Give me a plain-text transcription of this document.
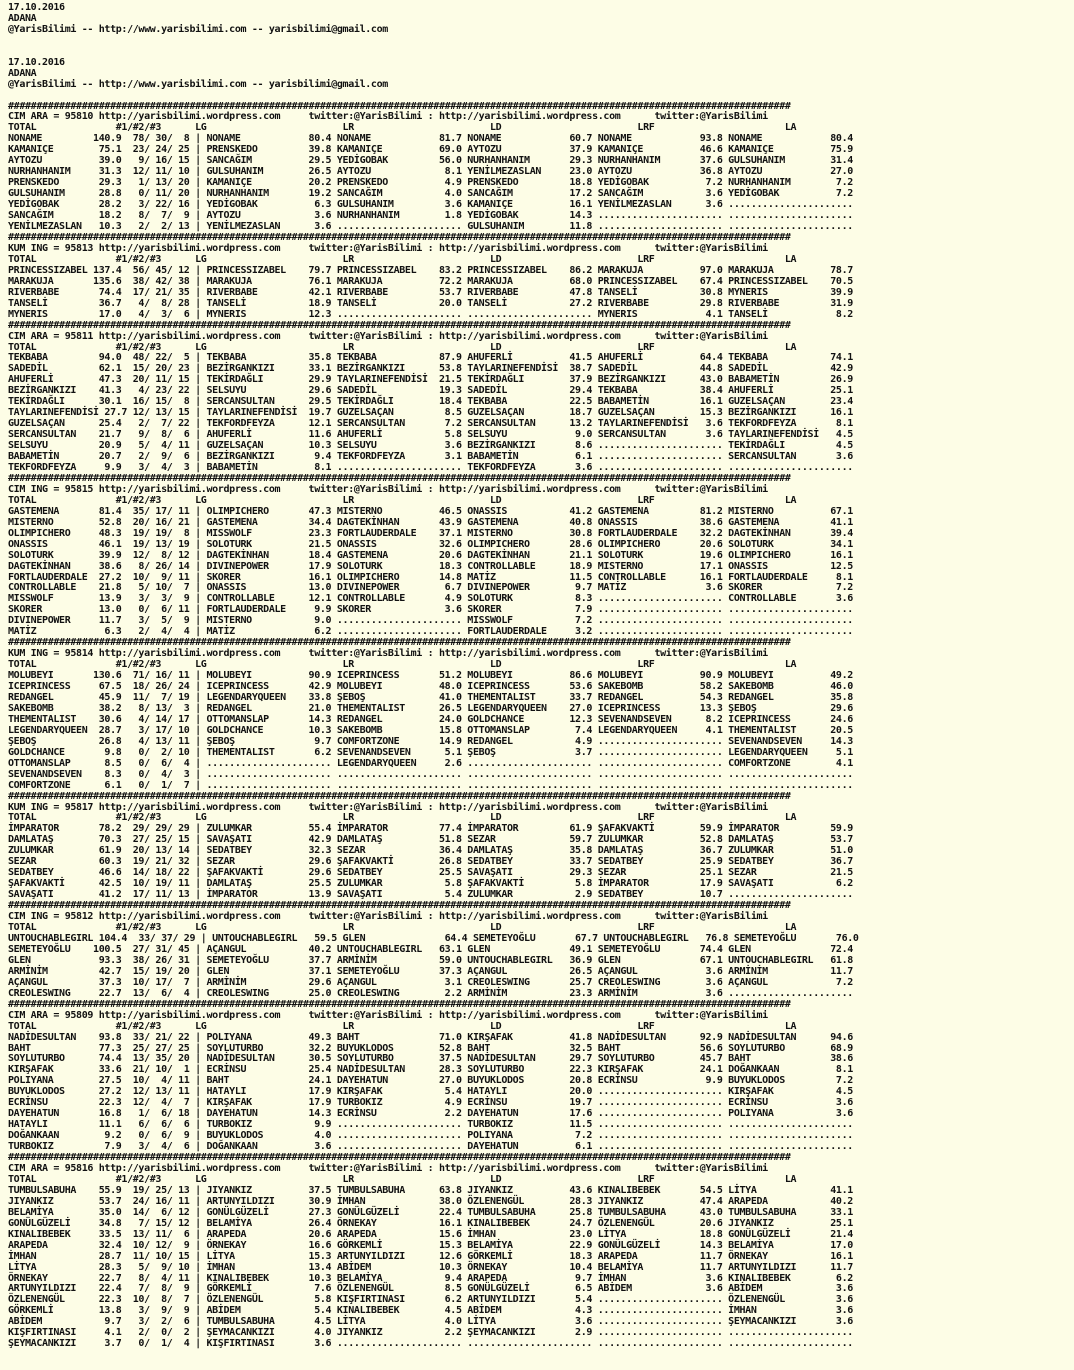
17.10.2016
ADANA
@YarisBilimi -- http://www.yarisbilimi.com -- yarisbilimi@gmail.com
17.10.2016
ADANA
@YarisBilimi -- http://www.yarisbilimi.com -- yarisbilimi@gmail.com
##########################################################################################################################################
CIM ARA = 95810 http://yarisbilimi.wordpress.com     twitter:@YarisBilimi : http://yarisbilimi.wordpress.com      twitter:@YarisBilimi
TOTAL              #1/#2/#3      LG                        LR                        LD                        LRF                       LA
NONAME         140.9  78/ 30/  8 | NONAME            80.4 NONAME            81.7 NONAME            60.7 NONAME            93.8 NONAME            80.4
KAMANIÇE        75.1  23/ 24/ 25 | PRENSKEDO         39.8 KAMANIÇE          69.0 AYTOZU            37.9 KAMANIÇE          46.6 KAMANIÇE          75.9
AYTOZU          39.0   9/ 16/ 15 | SANCAĞIM          29.5 YEDİGOBAK         56.0 NURHANHANIM       29.3 NURHANHANIM       37.6 GULSUHANIM        31.4
NURHANHANIM     31.3  12/ 11/ 10 | GULSUHANIM        26.5 AYTOZU             8.1 YENİLMEZASLAN     23.0 AYTOZU            36.8 AYTOZU            27.0
PRENSKEDO       29.3   1/ 13/ 20 | KAMANIÇE          20.2 PRENSKEDO          4.9 PRENSKEDO         18.8 YEDİGOBAK          7.2 NURHANHANIM        7.2
GULSUHANIM      28.8   0/ 11/ 20 | NURHANHANIM       19.2 SANCAĞIM           4.0 SANCAĞIM          17.2 SANCAĞIM           3.6 YEDİGOBAK          7.2
YEDİGOBAK       28.2   3/ 22/ 16 | YEDİGOBAK          6.3 GULSUHANIM         3.6 KAMANIÇE          16.1 YENİLMEZASLAN      3.6 ......................
SANCAĞIM        18.2   8/  7/  9 | AYTOZU             3.6 NURHANHANIM        1.8 YEDİGOBAK         14.3 ...................... ......................
YENİLMEZASLAN   10.3   2/  2/ 13 | YENİLMEZASLAN      3.6 ...................... GULSUHANIM        11.8 ...................... ......................
##########################################################################################################################################
KUM ING = 95813 http://yarisbilimi.wordpress.com     twitter:@YarisBilimi : http://yarisbilimi.wordpress.com      twitter:@YarisBilimi
TOTAL              #1/#2/#3      LG                        LR                        LD                        LRF                       LA
PRINCESSIZABEL 137.4  56/ 45/ 12 | PRINCESSIZABEL    79.7 PRINCESSIZABEL    83.2 PRINCESSIZABEL    86.2 MARAKUJA          97.0 MARAKUJA          78.7
MARAKUJA       135.6  38/ 42/ 38 | MARAKUJA          76.1 MARAKUJA          72.2 MARAKUJA          68.0 PRINCESSIZABEL    67.4 PRINCESSIZABEL    70.5
RIVERBABE       74.4  17/ 21/ 35 | RIVERBABE         42.1 RIVERBABE         53.7 RIVERBABE         47.8 TANSELİ           30.8 MYNERIS           39.9
TANSELİ         36.7   4/  8/ 28 | TANSELİ           18.9 TANSELİ           20.0 TANSELİ           27.2 RIVERBABE         29.8 RIVERBABE         31.9
MYNERIS         17.0   4/  3/  6 | MYNERIS           12.3 ...................... ...................... MYNERIS            4.1 TANSELİ            8.2
##########################################################################################################################################
CIM ARA = 95811 http://yarisbilimi.wordpress.com     twitter:@YarisBilimi : http://yarisbilimi.wordpress.com      twitter:@YarisBilimi
TOTAL              #1/#2/#3      LG                        LR                        LD                        LRF                       LA
TEKBABA         94.0  48/ 22/  5 | TEKBABA           35.8 TEKBABA           87.9 AHUFERLİ          41.5 AHUFERLİ          64.4 TEKBABA           74.1
SADEDİL         62.1  15/ 20/ 23 | BEZİRGANKIZI      33.1 BEZİRGANKIZI      53.8 TAYLARINEFENDİSİ  38.7 SADEDİL           44.8 SADEDİL           42.9
AHUFERLİ        47.3  20/ 11/ 15 | TEKİRDAĞLI        29.9 TAYLARINEFENDİSİ  21.5 TEKİRDAĞLI        37.9 BEZİRGANKIZI      43.0 BABAMETİN         26.9
BEZİRGANKIZI    41.3   4/ 23/ 22 | SELSUYU           29.6 SADEDİL           19.3 SADEDİL           29.4 TEKBABA           38.4 AHUFERLİ          25.1
TEKİRDAĞLI      30.1  16/ 15/  8 | SERCANSULTAN      29.5 TEKİRDAĞLI        18.4 TEKBABA           22.5 BABAMETİN         16.1 GUZELSAÇAN        23.4
TAYLARINEFENDİSİ 27.7 12/ 13/ 15 | TAYLARINEFENDİSİ  19.7 GUZELSAÇAN         8.5 GUZELSAÇAN        18.7 GUZELSAÇAN        15.3 BEZİRGANKIZI      16.1
GUZELSAÇAN      25.4   2/  7/ 22 | TEKFORDFEYZA      12.1 SERCANSULTAN       7.2 SERCANSULTAN      13.2 TAYLARINEFENDİSİ   3.6 TEKFORDFEYZA       8.1
SERCANSULTAN    21.7   9/  8/  6 | AHUFERLİ          11.6 AHUFERLİ           5.8 SELSUYU            9.0 SERCANSULTAN       3.6 TAYLARINEFENDİSİ   4.5
SELSUYU         20.9   5/  4/ 11 | GUZELSAÇAN        10.3 SELSUYU            3.6 BEZİRGANKIZI       8.6 ...................... TEKİRDAĞLI         4.5
BABAMETİN       20.7   2/  9/  6 | BEZİRGANKIZI       9.4 TEKFORDFEYZA       3.1 BABAMETİN          6.1 ...................... SERCANSULTAN       3.6
TEKFORDFEYZA     9.9   3/  4/  3 | BABAMETİN          8.1 ...................... TEKFORDFEYZA       3.6 ...................... ......................
##########################################################################################################################################
CIM ING = 95815 http://yarisbilimi.wordpress.com     twitter:@YarisBilimi : http://yarisbilimi.wordpress.com      twitter:@YarisBilimi
TOTAL              #1/#2/#3      LG                        LR                        LD                        LRF                       LA
GASTEMENA       81.4  35/ 17/ 11 | OLIMPICHERO       47.3 MISTERNO          46.5 ONASSIS           41.2 GASTEMENA         81.2 MISTERNO          67.1
MISTERNO        52.8  20/ 16/ 21 | GASTEMENA         34.4 DAGTEKİNHAN       43.9 GASTEMENA         40.8 ONASSIS           38.6 GASTEMENA         41.1
OLIMPICHERO     48.3  19/ 19/  8 | MISSWOLF          23.3 FORTLAUDERDALE    37.1 MISTERNO          30.8 FORTLAUDERDALE    32.2 DAGTEKİNHAN       39.4
ONASSIS         46.1  19/ 13/ 19 | SOLOTURK          21.5 ONASSIS           32.6 OLIMPICHERO       28.6 OLIMPICHERO       20.6 SOLOTURK          34.1
SOLOTURK        39.9  12/  8/ 12 | DAGTEKİNHAN       18.4 GASTEMENA         20.6 DAGTEKİNHAN       21.1 SOLOTURK          19.6 OLIMPICHERO       16.1
DAGTEKİNHAN     38.6   8/ 26/ 14 | DIVINEPOWER       17.9 SOLOTURK          18.3 CONTROLLABLE      18.9 MISTERNO          17.1 ONASSIS           12.5
FORTLAUDERDALE  27.2  10/  9/ 11 | SKORER            16.1 OLIMPICHERO       14.8 MATİZ             11.5 CONTROLLABLE      16.1 FORTLAUDERDALE     8.1
CONTROLLABLE    21.8   5/ 10/  7 | ONASSIS           13.0 DIVINEPOWER        6.7 DIVINEPOWER        9.7 MATİZ              3.6 SKORER             7.2
MISSWOLF        13.9   3/  3/  9 | CONTROLLABLE      12.1 CONTROLLABLE       4.9 SOLOTURK           8.3 ...................... CONTROLLABLE       3.6
SKORER          13.0   0/  6/ 11 | FORTLAUDERDALE     9.9 SKORER             3.6 SKORER             7.9 ...................... ......................
DIVINEPOWER     11.7   3/  5/  9 | MISTERNO           9.0 ...................... MISSWOLF           7.2 ...................... ......................
MATİZ            6.3   2/  4/  4 | MATİZ              6.2 ...................... FORTLAUDERDALE     3.2 ...................... ......................
##########################################################################################################################################
KUM ING = 95814 http://yarisbilimi.wordpress.com     twitter:@YarisBilimi : http://yarisbilimi.wordpress.com      twitter:@YarisBilimi
TOTAL              #1/#2/#3      LG                        LR                        LD                        LRF                       LA
MOLUBEYI       130.6  71/ 16/ 11 | MOLUBEYI          90.9 ICEPRINCESS       51.2 MOLUBEYI          86.6 MOLUBEYI          90.9 MOLUBEYI          49.2
ICEPRINCESS     67.5  18/ 26/ 24 | ICEPRINCESS       42.9 MOLUBEYI          48.0 ICEPRINCESS       53.6 SAKEBOMB          58.2 SAKEBOMB          46.0
REDANGEL        45.9  11/  7/ 19 | LEGENDARYQUEEN    33.8 ŞEBOŞ             41.0 THEMENTALIST      33.7 REDANGEL          54.3 REDANGEL          35.8
SAKEBOMB        38.2   8/ 13/  3 | REDANGEL          21.0 THEMENTALIST      26.5 LEGENDARYQUEEN    27.0 ICEPRINCESS       13.3 ŞEBOŞ             29.6
THEMENTALIST    30.6   4/ 14/ 17 | OTTOMANSLAP       14.3 REDANGEL          24.0 GOLDCHANCE        12.3 SEVENANDSEVEN      8.2 ICEPRINCESS       24.6
LEGENDARYQUEEN  28.7   3/ 17/ 10 | GOLDCHANCE        10.3 SAKEBOMB          15.8 OTTOMANSLAP        7.4 LEGENDARYQUEEN     4.1 THEMENTALIST      20.5
ŞEBOŞ           26.8   4/ 13/ 11 | ŞEBOŞ              9.7 COMFORTZONE       14.9 REDANGEL           4.9 ...................... SEVENANDSEVEN     14.3
GOLDCHANCE       9.8   0/  2/ 10 | THEMENTALIST       6.2 SEVENANDSEVEN      5.1 ŞEBOŞ              3.7 ...................... LEGENDARYQUEEN     5.1
OTTOMANSLAP      8.5   0/  6/  4 | ...................... LEGENDARYQUEEN     2.6 ...................... ...................... COMFORTZONE        4.1
SEVENANDSEVEN    8.3   0/  4/  3 | ...................... ...................... ...................... ...................... ......................
COMFORTZONE      6.1   0/  1/  7 | ...................... ...................... ...................... ...................... ......................
##########################################################################################################################################
KUM ING = 95817 http://yarisbilimi.wordpress.com     twitter:@YarisBilimi : http://yarisbilimi.wordpress.com      twitter:@YarisBilimi
TOTAL              #1/#2/#3      LG                        LR                        LD                        LRF                       LA
İMPARATOR       78.2  29/ 29/ 29 | ZULUMKAR          55.4 İMPARATOR         77.4 İMPARATOR         61.9 ŞAFAKVAKTİ        59.9 İMPARATOR         59.9
DAMLATAŞ        70.3  27/ 25/ 15 | SAVAŞATI          42.9 DAMLATAŞ          51.8 SEZAR             59.7 ZULUMKAR          52.8 DAMLATAŞ          53.7
ZULUMKAR        61.9  20/ 13/ 14 | SEDATBEY          32.3 SEZAR             36.4 DAMLATAŞ          35.8 DAMLATAŞ          36.7 ZULUMKAR          51.0
SEZAR           60.3  19/ 21/ 32 | SEZAR             29.6 ŞAFAKVAKTİ        26.8 SEDATBEY          33.7 SEDATBEY          25.9 SEDATBEY          36.7
SEDATBEY        46.6  14/ 18/ 22 | ŞAFAKVAKTİ        29.6 SEDATBEY          25.5 SAVAŞATI          29.3 SEZAR             25.1 SEZAR             21.5
ŞAFAKVAKTİ      42.5  10/ 19/ 11 | DAMLATAŞ          25.5 ZULUMKAR           5.8 ŞAFAKVAKTİ         5.8 İMPARATOR         17.9 SAVAŞATI           6.2
SAVAŞATI        41.2  17/ 11/ 13 | İMPARATOR         13.9 SAVAŞATI           5.4 ZULUMKAR           2.9 SEDATBEY          10.7 ......................
##########################################################################################################################################
CIM ING = 95812 http://yarisbilimi.wordpress.com     twitter:@YarisBilimi : http://yarisbilimi.wordpress.com      twitter:@YarisBilimi
TOTAL              #1/#2/#3      LG                        LR                        LD                        LRF                       LA
UNTOUCHABLEGIRL 104.4  33/ 37/ 29 | UNTOUCHABLEGIRL   59.5 GLEN              64.4 SEMETEYOĞLU       67.7 UNTOUCHABLEGIRL   76.8 SEMETEYOĞLU       76.0
SEMETEYOĞLU    100.5  27/ 31/ 45 | AÇANGUL           40.2 UNTOUCHABLEGIRL   63.1 GLEN              49.1 SEMETEYOĞLU       74.4 GLEN              72.4
GLEN            93.3  38/ 26/ 31 | SEMETEYOĞLU       37.7 ARMİNİM           59.0 UNTOUCHABLEGIRL   36.9 GLEN              67.1 UNTOUCHABLEGIRL   61.8
ARMİNİM         42.7  15/ 19/ 20 | GLEN              37.1 SEMETEYOĞLU       37.3 AÇANGUL           26.5 AÇANGUL            3.6 ARMİNİM           11.7
AÇANGUL         37.3  10/ 17/  7 | ARMİNİM           29.6 AÇANGUL            3.1 CREOLESWING       25.7 CREOLESWING        3.6 AÇANGUL            7.2
CREOLESWING     22.7  13/  6/  4 | CREOLESWING       25.0 CREOLESWING        2.2 ARMİNİM           23.3 ARMİNİM            3.6 ......................
##########################################################################################################################################
CIM ARA = 95809 http://yarisbilimi.wordpress.com     twitter:@YarisBilimi : http://yarisbilimi.wordpress.com      twitter:@YarisBilimi
TOTAL              #1/#2/#3      LG                        LR                        LD                        LRF                       LA
NADİDESULTAN    93.8  33/ 21/ 22 | POLIYANA          49.3 BAHT              71.0 KIRŞAFAK          41.8 NADİDESULTAN      92.9 NADİDESULTAN      94.6
BAHT            77.3  25/ 27/ 25 | SOYLUTURBO        32.2 BUYUKLODOS        52.8 BAHT              32.5 BAHT              56.6 SOYLUTURBO        68.9
SOYLUTURBO      74.4  13/ 35/ 20 | NADİDESULTAN      30.5 SOYLUTURBO        37.5 NADİDESULTAN      29.7 SOYLUTURBO        45.7 BAHT              38.6
KIRŞAFAK        33.6  21/ 10/  1 | ECRİNSU           25.4 NADİDESULTAN      28.3 SOYLUTURBO        22.3 KIRŞAFAK          24.1 DOĞANKAAN          8.1
POLIYANA        27.5  10/  4/ 11 | BAHT              24.1 DAYEHATUN         27.0 BUYUKLODOS        20.8 ECRİNSU            9.9 BUYUKLODOS         7.2
BUYUKLODOS      27.2  12/ 13/ 11 | HATAYLI           17.9 KIRŞAFAK           5.4 HATAYLI           20.0 ...................... KIRŞAFAK           4.5
ECRİNSU         22.3  12/  4/  7 | KIRŞAFAK          17.9 TURBOKIZ           4.9 ECRİNSU           19.7 ...................... ECRİNSU            3.6
DAYEHATUN       16.8   1/  6/ 18 | DAYEHATUN         14.3 ECRİNSU            2.2 DAYEHATUN         17.6 ...................... POLIYANA           3.6
HATAYLI         11.1   6/  6/  6 | TURBOKIZ           9.9 ...................... TURBOKIZ          11.5 ...................... ......................
DOĞANKAAN        9.2   0/  6/  9 | BUYUKLODOS         4.0 ...................... POLIYANA           7.2 ...................... ......................
TURBOKIZ         7.9   3/  4/  6 | DOĞANKAAN          3.6 ...................... DAYEHATUN          6.1 ...................... ......................
##########################################################################################################################################
CIM ARA = 95816 http://yarisbilimi.wordpress.com     twitter:@YarisBilimi : http://yarisbilimi.wordpress.com      twitter:@YarisBilimi
TOTAL              #1/#2/#3      LG                        LR                        LD                        LRF                       LA
TUMBULSABUHA    55.9  19/ 25/ 13 | JIYANKIZ          37.5 TUMBULSABUHA      63.8 JIYANKIZ          43.6 KINALIBEBEK       54.5 LİTYA             41.1
JIYANKIZ        53.7  24/ 16/ 11 | ARTUNYILDIZI      30.9 İMHAN             38.0 ÖZLENENGÜL        28.3 JIYANKIZ          47.4 ARAPEDA           40.2
BELAMİYA        35.0  14/  6/ 12 | GONÜLGÜZELİ       27.3 GONÜLGÜZELİ       22.4 TUMBULSABUHA      25.8 TUMBULSABUHA      43.0 TUMBULSABUHA      33.1
GONÜLGÜZELİ     34.8   7/ 15/ 12 | BELAMİYA          26.4 ÖRNEKAY           16.1 KINALIBEBEK       24.7 ÖZLENENGÜL        20.6 JIYANKIZ          25.1
KINALIBEBEK     33.5  13/ 11/  6 | ARAPEDA           20.6 ARAPEDA           15.6 İMHAN             23.0 LİTYA             18.8 GONÜLGÜZELİ       21.4
ARAPEDA         32.4  10/ 12/  9 | ÖRNEKAY           16.6 GÖRKEMLİ          15.3 BELAMİYA          22.9 GONÜLGÜZELİ       14.3 BELAMİYA          17.0
İMHAN           28.7  11/ 10/ 15 | LİTYA             15.3 ARTUNYILDIZI      12.6 GÖRKEMLİ          18.3 ARAPEDA           11.7 ÖRNEKAY           16.1
LİTYA           28.3   5/  9/ 10 | İMHAN             13.4 ABİDEM            10.3 ÖRNEKAY           10.4 BELAMİYA          11.7 ARTUNYILDIZI      11.7
ÖRNEKAY         22.7   8/  4/ 11 | KINALIBEBEK       10.3 BELAMİYA           9.4 ARAPEDA            9.7 İMHAN              3.6 KINALIBEBEK        6.2
ARTUNYILDIZI    22.4   7/  8/  9 | GÖRKEMLİ           7.6 ÖZLENENGÜL         8.5 GONÜLGÜZELİ        6.5 ABİDEM             3.6 ABİDEM             3.6
ÖZLENENGÜL      22.3  10/  8/  7 | ÖZLENENGÜL         5.8 KIŞFIRTINASI       6.2 ARTUNYILDIZI       5.4 ...................... ÖZLENENGÜL         3.6
GÖRKEMLİ        13.8   3/  9/  9 | ABİDEM             5.4 KINALIBEBEK        4.5 ABİDEM             4.3 ...................... İMHAN              3.6
ABİDEM           9.7   3/  2/  6 | TUMBULSABUHA       4.5 LİTYA              4.0 LİTYA              3.6 ...................... ŞEYMACANKIZI       3.6
KIŞFIRTINASI     4.1   2/  0/  2 | ŞEYMACANKIZI       4.0 JIYANKIZ           2.2 ŞEYMACANKIZI       2.9 ...................... ......................
ŞEYMACANKIZI     3.7   0/  1/  4 | KIŞFIRTINASI       3.6 ...................... ...................... ...................... ......................
